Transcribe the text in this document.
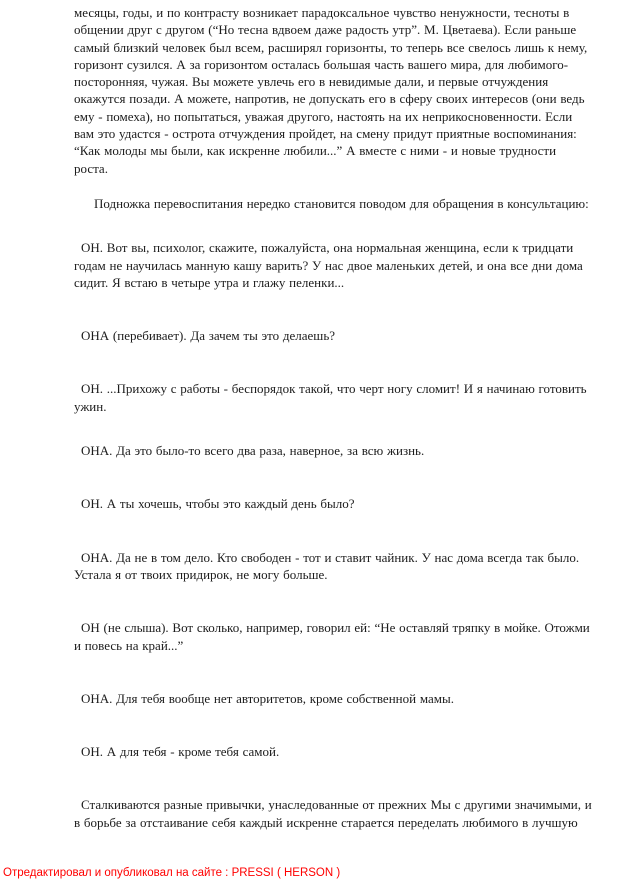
месяцы, годы, и по контрасту возникает парадоксальное чувство ненужности, тесноты в общении друг с другом (“Но тесна вдвоем даже радость утр”. М. Цветаева). Если раньше самый близкий человек был всем, расширял горизонты, то теперь все свелось лишь к нему, горизонт сузился. А за горизонтом осталась большая часть вашего мира, для любимого- посторонняя, чужая. Вы можете увлечь его в невидимые дали, и первые отчуждения окажутся позади. А можете, напротив, не допускать его в сферу своих интересов (они ведь ему - помеха), но попытаться, уважая другого, настоять на их неприкосновенности. Если вам это удастся - острота отчуждения пройдет, на смену придут приятные воспоминания: “Как молоды мы были, как искренне любили...” А вместе с ними - и новые трудности роста.

Подножка перевоспитания нередко становится поводом для обращения в консультацию:

ОН. Вот вы, психолог, скажите, пожалуйста, она нормальная женщина, если к тридцати годам не научилась манную кашу варить? У нас двое маленьких детей, и она все дни дома сидит. Я встаю в четыре утра и глажу пеленки...

ОНА (перебивает). Да зачем ты это делаешь?

ОН. ...Прихожу с работы - беспорядок такой, что черт ногу сломит! И я начинаю готовить ужин.

ОНА. Да это было-то всего два раза, наверное, за всю жизнь.

ОН. А ты хочешь, чтобы это каждый день было?

ОНА. Да не в том дело. Кто свободен - тот и ставит чайник. У нас дома всегда так было. Устала я от твоих придирок, не могу больше.

ОН (не слыша). Вот сколько, например, говорил ей: “Не оставляй тряпку в мойке. Отожми и повесь на край...”

ОНА. Для тебя вообще нет авторитетов, кроме собственной мамы.

ОН. А для тебя - кроме тебя самой.

Сталкиваются разные привычки, унаследованные от прежних Мы с другими значимыми, и в борьбе за отстаивание себя каждый искренне старается переделать любимого в лучшую

Отредактировал и опубликовал на сайте : PRESSI ( HERSON )
